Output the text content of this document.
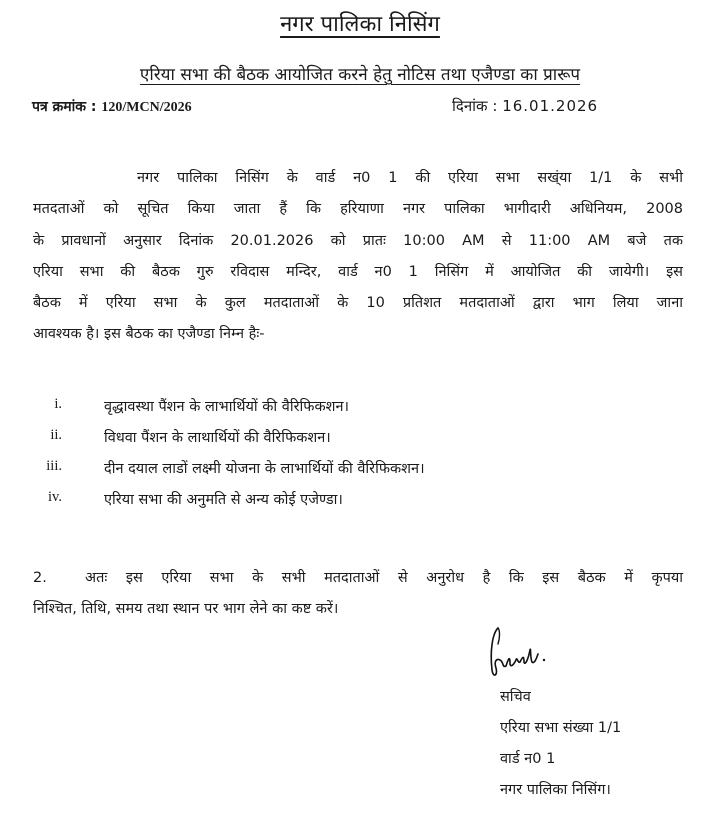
नगर पालिका निसिंग
एरिया सभा की बैठक आयोजित करने हेतु नोटिस तथा एजैण्डा का प्रारूप
पत्र क्रमांक : 120/MCN/2026	दिनांक : 16.01.2026
नगर पालिका निसिंग के वार्ड न0 1 की एरिया सभा सख्ंया 1/1 के सभी
मतदताओं को सूचित किया जाता हैं कि हरियाणा नगर पालिका भागीदारी अधिनियम, 2008
के प्रावधानों अनुसार दिनांक 20.01.2026 को प्रातः 10:00 AM से 11:00 AM बजे तक
एरिया सभा की बैठक गुरु रविदास मन्दिर, वार्ड न0 1 निसिंग में आयोजित की जायेगी। इस
बैठक में एरिया सभा के कुल मतदाताओं के 10 प्रतिशत मतदाताओं द्वारा भाग लिया जाना
आवश्यक है। इस बैठक का एजैण्डा निम्न हैः-
i.	वृद्धावस्था पैंशन के लाभार्थियों की वैरिफिकशन।
ii.	विधवा पैंशन के लाथार्थियों की वैरिफिकशन।
iii.	दीन दयाल लाडों लक्ष्मी योजना के लाभार्थियों की वैरिफिकशन।
iv.	एरिया सभा की अनुमति से अन्य कोई एजेण्डा।
2.	अतः इस एरिया सभा के सभी मतदाताओं से अनुरोध है कि इस बैठक में कृपया
निश्चित, तिथि, समय तथा स्थान पर भाग लेने का कष्ट करें।
सचिव
एरिया सभा संख्या 1/1
वार्ड न0 1
नगर पालिका निसिंग।
